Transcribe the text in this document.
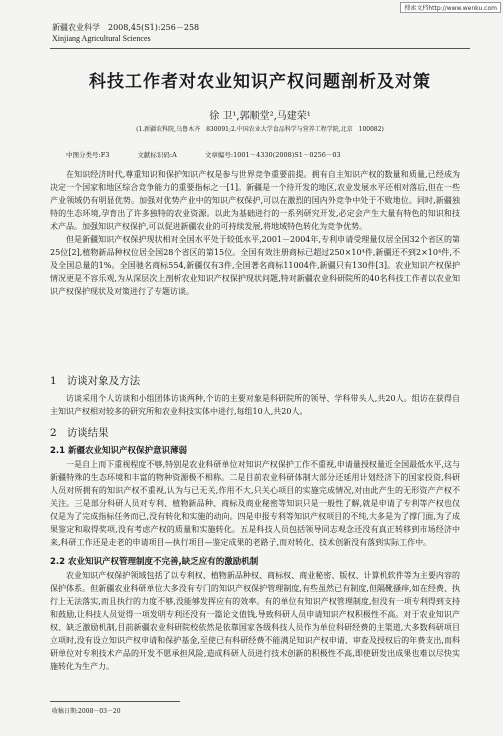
搜索文档http://www.wenku.com
新疆农业科学　2008,45(S1):256－258
Xinjiang Agricultural Sciences
科技工作者对农业知识产权问题剖析及对策
徐 卫¹,郭顺堂²,马建荣¹
(1.新疆农科院,乌鲁木齐　830091;2.中国农业大学食品科学与营养工程学院,北京　100082)
中图分类号:F3	文献标识码:A	文章编号:1001－4330(2008)S1－0256－03

在知识经济时代,尊重知识和保护知识产权是参与世界竞争重要前提。拥有自主知识产权的数量和质量,已经成为决定一个国家和地区综合竞争能力的重要指标之一[1]。新疆是一个待开发的地区,农业发展水平还相对落后,但在一些产业领域仍有明显优势。加强对优势产业中的知识产权保护,可以在激烈的国内外竞争中处于不败地位。同时,新疆独特的生态环境,孕育出了许多独特的农业资源。以此为基础进行的一系列研究开发,必定会产生大量有特色的知识和技术产品。加强知识产权保护,可以促进新疆农业的可持续发展,将地域特色转化为竞争优势。

但是新疆知识产权保护现状相对全国水平处于较低水平,2001－2004年,专利申请受理量仅居全国32个省区的第25位[2],植物新品种权位居全国28个省区的第15位。全国有效注册商标已超过250×10⁴件,新疆还不到2×10⁴件,不及全国总量的1%。全国驰名商标554,新疆仅有3件,全国著名商标11004件,新疆只有130件[3]。农业知识产权保护情况更是不容乐观,为从深层次上剖析农业知识产权保护现状问题,特对新疆农业科研院所的40名科技工作者以农业知识产权保护现状及对策进行了专题访谈。

1 访谈对象及方法

访谈采用个人访谈和小组团体访谈两种,个访的主要对象是科研院所的领导、学科带头人,共20人。组访在获得自主知识产权相对较多的研究所和农业科技实体中进行,每组10人,共20人。

2 访谈结果
2.1 新疆农业知识产权保护意识薄弱

一是自上而下重视程度不够,特别是农业科研单位对知识产权保护工作不重视,申请量授权量近全国最低水平,这与新疆特殊的生态环境和丰富的物种资源极不相称。二是目前农业科研体制大部分还延用计划经济下的国家投资,科研人员对所拥有的知识产权不重视,认为与已无关,作用不大,只关心项目的实施完成情况,对由此产生的无形资产产权不关注。三是部分科研人员对专利、植物新品种、商标及商业秘密等知识只是一般性了解,就是申请了专利等产权也仅仅是为了完成指标任务而已,没有转化和实施的动向。四是申报专利等知识产权项目的不纯,大多是为了撑门面,为了成果鉴定和取得奖项,没有考虑产权的质量和实施转化。五是科技人员包括领导同志观念还没有真正转移到市场经济中来,科研工作还是走老的申请项目—执行项目—鉴定成果的老路子,而对转化、技术创新没有落到实际工作中。

2.2 农业知识产权管理制度不完善,缺乏应有的激励机制

农业知识产权保护领域包括了以专利权、植物新品种权、商标权、商业秘密、版权、计算机软件等为主要内容的保护体系。但新疆农业科研单位大多没有专门的知识产权保护管理制度,有些虽然已有制度,但隔靴搔痒,如在经费、执行上无法落实,而且执行的力度不够,没能够发挥应有的效率。有的单位有知识产权管理制度,但没有一项专利得到支持和鼓励,让科技人员觉得一项发明专利还没有一篇论文值钱,导致科研人员申请知识产权积极性不高。对于农业知识产权、缺乏激励机制,目前新疆农业科研院校依然是依靠国家各级科技人员作为单位科研经费的主渠道,大多数科研项目立项时,没有设立知识产权申请和保护基金,至使已有科研经费不能满足知识产权申请、审查及授权后的年费支出,而科研单位对专利技术产品的开发不愿承担风险,造成科研人员进行技术创新的积极性不高,即使研发出成果也难以尽快实施转化为生产力。

收稿日期:2008－03－20
